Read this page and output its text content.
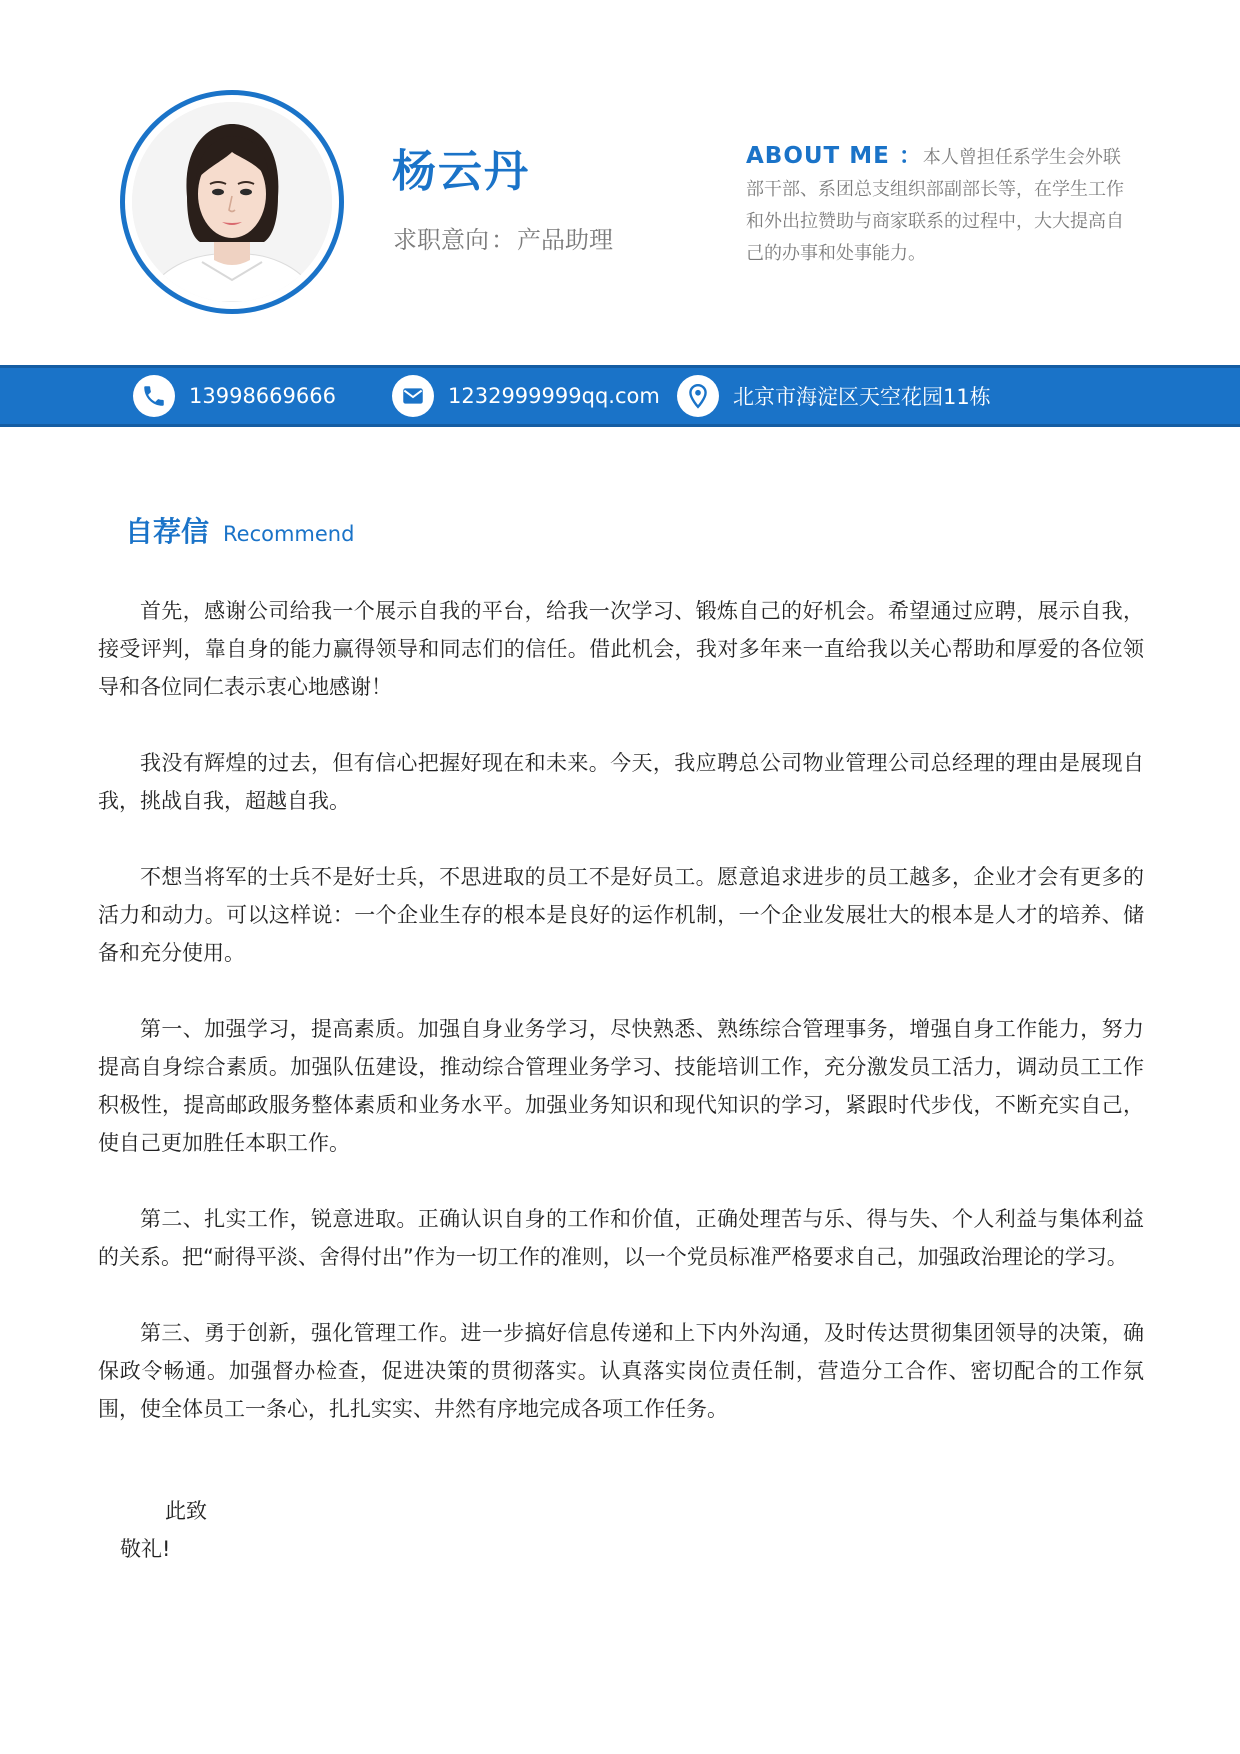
杨云丹
求职意向：产品助理
ABOUT ME ：本人曾担任系学生会外联部干部、系团总支组织部副部长等，在学生工作和外出拉赞助与商家联系的过程中，大大提高自己的办事和处事能力。
13998669666	1232999999qq.com	北京市海淀区天空花园11栋
自荐信 Recommend

首先，感谢公司给我一个展示自我的平台，给我一次学习、锻炼自己的好机会。希望通过应聘，展示自我，接受评判，靠自身的能力赢得领导和同志们的信任。借此机会，我对多年来一直给我以关心帮助和厚爱的各位领导和各位同仁表示衷心地感谢！

我没有辉煌的过去，但有信心把握好现在和未来。今天，我应聘总公司物业管理公司总经理的理由是展现自我，挑战自我，超越自我。

不想当将军的士兵不是好士兵，不思进取的员工不是好员工。愿意追求进步的员工越多，企业才会有更多的活力和动力。可以这样说：一个企业生存的根本是良好的运作机制，一个企业发展壮大的根本是人才的培养、储备和充分使用。

第一、加强学习，提高素质。加强自身业务学习，尽快熟悉、熟练综合管理事务，增强自身工作能力，努力提高自身综合素质。加强队伍建设，推动综合管理业务学习、技能培训工作，充分激发员工活力，调动员工工作积极性，提高邮政服务整体素质和业务水平。加强业务知识和现代知识的学习，紧跟时代步伐，不断充实自己，使自己更加胜任本职工作。

第二、扎实工作，锐意进取。正确认识自身的工作和价值，正确处理苦与乐、得与失、个人利益与集体利益的关系。把“耐得平淡、舍得付出”作为一切工作的准则，以一个党员标准严格要求自己，加强政治理论的学习。

第三、勇于创新，强化管理工作。进一步搞好信息传递和上下内外沟通，及时传达贯彻集团领导的决策，确保政令畅通。加强督办检查，促进决策的贯彻落实。认真落实岗位责任制，营造分工合作、密切配合的工作氛围，使全体员工一条心，扎扎实实、井然有序地完成各项工作任务。

此致
敬礼!
